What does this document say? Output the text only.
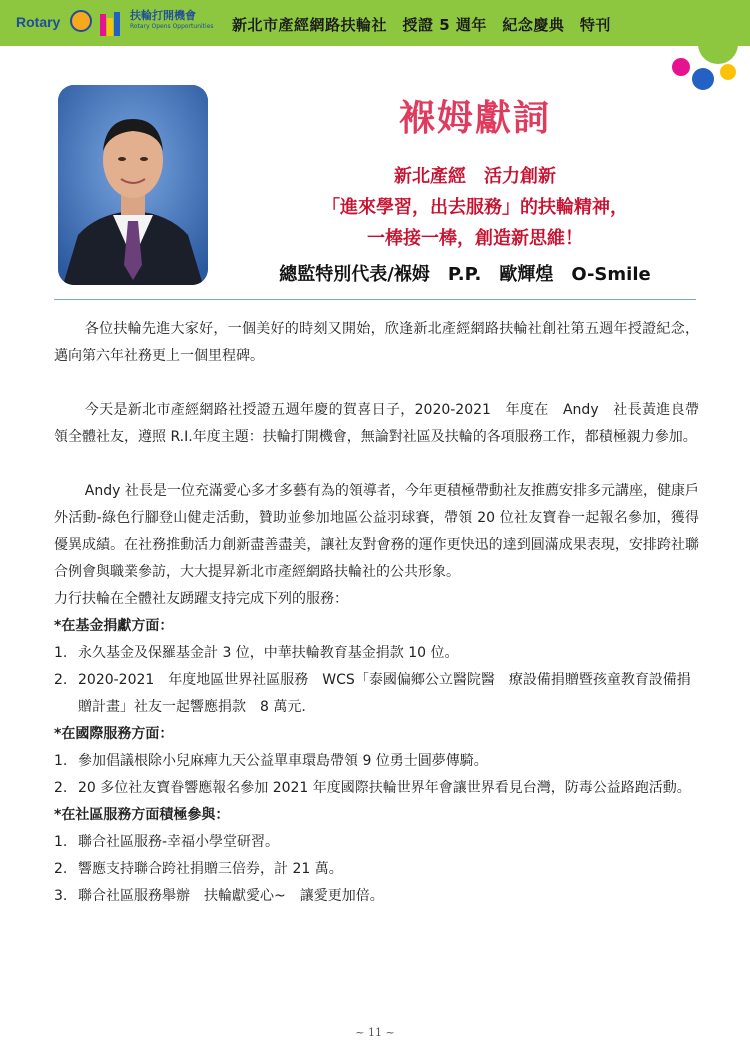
Rotary	扶輪打開機會
Rotary Opens Opportunities 新北市產經網路扶輪社　授證 5 週年　紀念慶典　特刊
褓姆獻詞
新北產經　活力創新
「進來學習，出去服務」的扶輪精神，
一棒接一棒，創造新思維！
總監特別代表/褓姆　P.P.　歐輝煌　O-Smile

各位扶輪先進大家好，一個美好的時刻又開始，欣逢新北產經網路扶輪社創社第五週年授證紀念，邁向第六年社務更上一個里程碑。

今天是新北市產經網路社授證五週年慶的賀喜日子，2020-2021　年度在　Andy　社長黃進良帶領全體社友，遵照 R.I.年度主題：扶輪打開機會，無論對社區及扶輪的各項服務工作，都積極親力參加。

Andy 社長是一位充滿愛心多才多藝有為的領導者，今年更積極帶動社友推薦安排多元講座，健康戶外活動-綠色行腳登山健走活動，贊助並參加地區公益羽球賽，帶領 20 位社友寶眷一起報名參加，獲得優異成績。在社務推動活力創新盡善盡美，讓社友對會務的運作更快迅的達到圓滿成果表現，安排跨社聯合例會與職業參訪，大大提昇新北市產經網路扶輪社的公共形象。

力行扶輪在全體社友踴躍支持完成下列的服務：

*在基金捐獻方面：

1. 永久基金及保羅基金計 3 位，中華扶輪教育基金捐款 10 位。
2. 2020-2021　年度地區世界社區服務　WCS「泰國偏鄉公立醫院醫　療設備捐贈暨孩童教育設備捐贈計畫」社友一起響應捐款　8 萬元.

*在國際服務方面：

1. 參加倡議根除小兒麻痺九天公益單車環島帶領 9 位勇士圓夢傳騎。
2. 20 多位社友寶眷響應報名參加 2021 年度國際扶輪世界年會讓世界看見台灣，防毒公益路跑活動。

*在社區服務方面積極參與：

1. 聯合社區服務-幸福小學堂研習。
2. 響應支持聯合跨社捐贈三倍券，計 21 萬。
3. 聯合社區服務舉辦　扶輪獻愛心~　讓愛更加倍。
~ 11 ~
